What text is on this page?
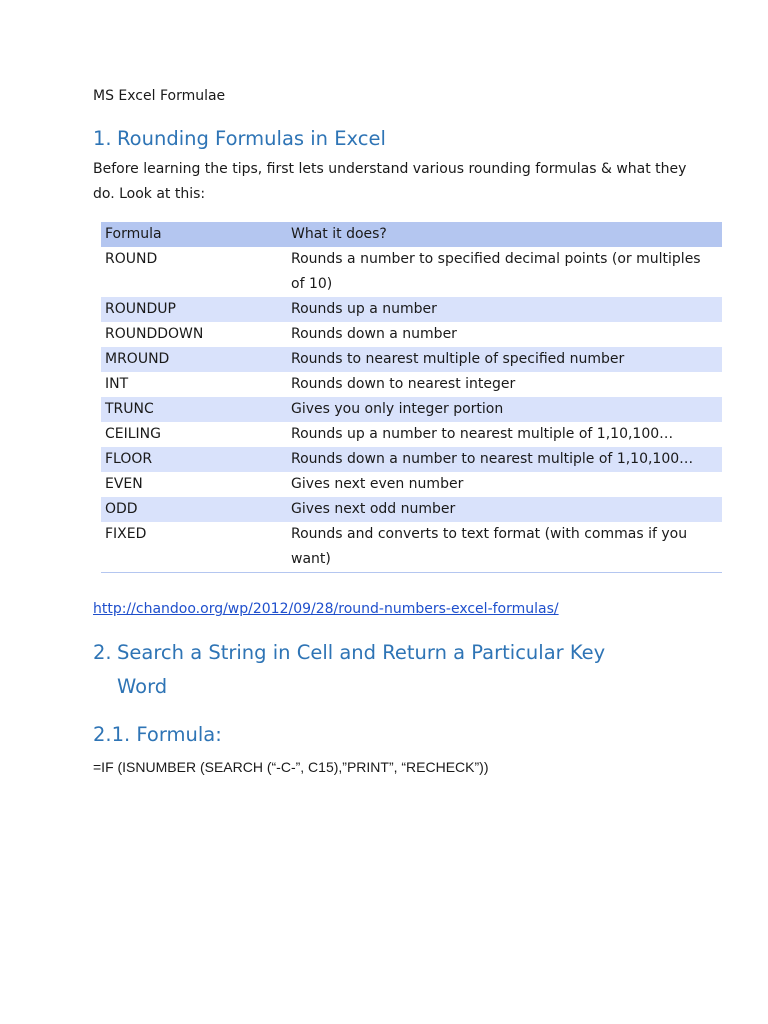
MS Excel Formulae
1. Rounding Formulas in Excel

Before learning the tips, first lets understand various rounding formulas & what they do. Look at this:

Formula	What it does?
ROUND	Rounds a number to specified decimal points (or multiples of 10)
ROUNDUP	Rounds up a number
ROUNDDOWN	Rounds down a number
MROUND	Rounds to nearest multiple of specified number
INT	Rounds down to nearest integer
TRUNC	Gives you only integer portion
CEILING	Rounds up a number to nearest multiple of 1,10,100…
FLOOR	Rounds down a number to nearest multiple of 1,10,100…
EVEN	Gives next even number
ODD	Gives next odd number
FIXED	Rounds and converts to text format (with commas if you want)
http://chandoo.org/wp/2012/09/28/round-numbers-excel-formulas/
2. Search a String in Cell and Return a Particular Key
Word
2.1. Formula:
=IF (ISNUMBER (SEARCH (“-C-”, C15),”PRINT”, “RECHECK”))
